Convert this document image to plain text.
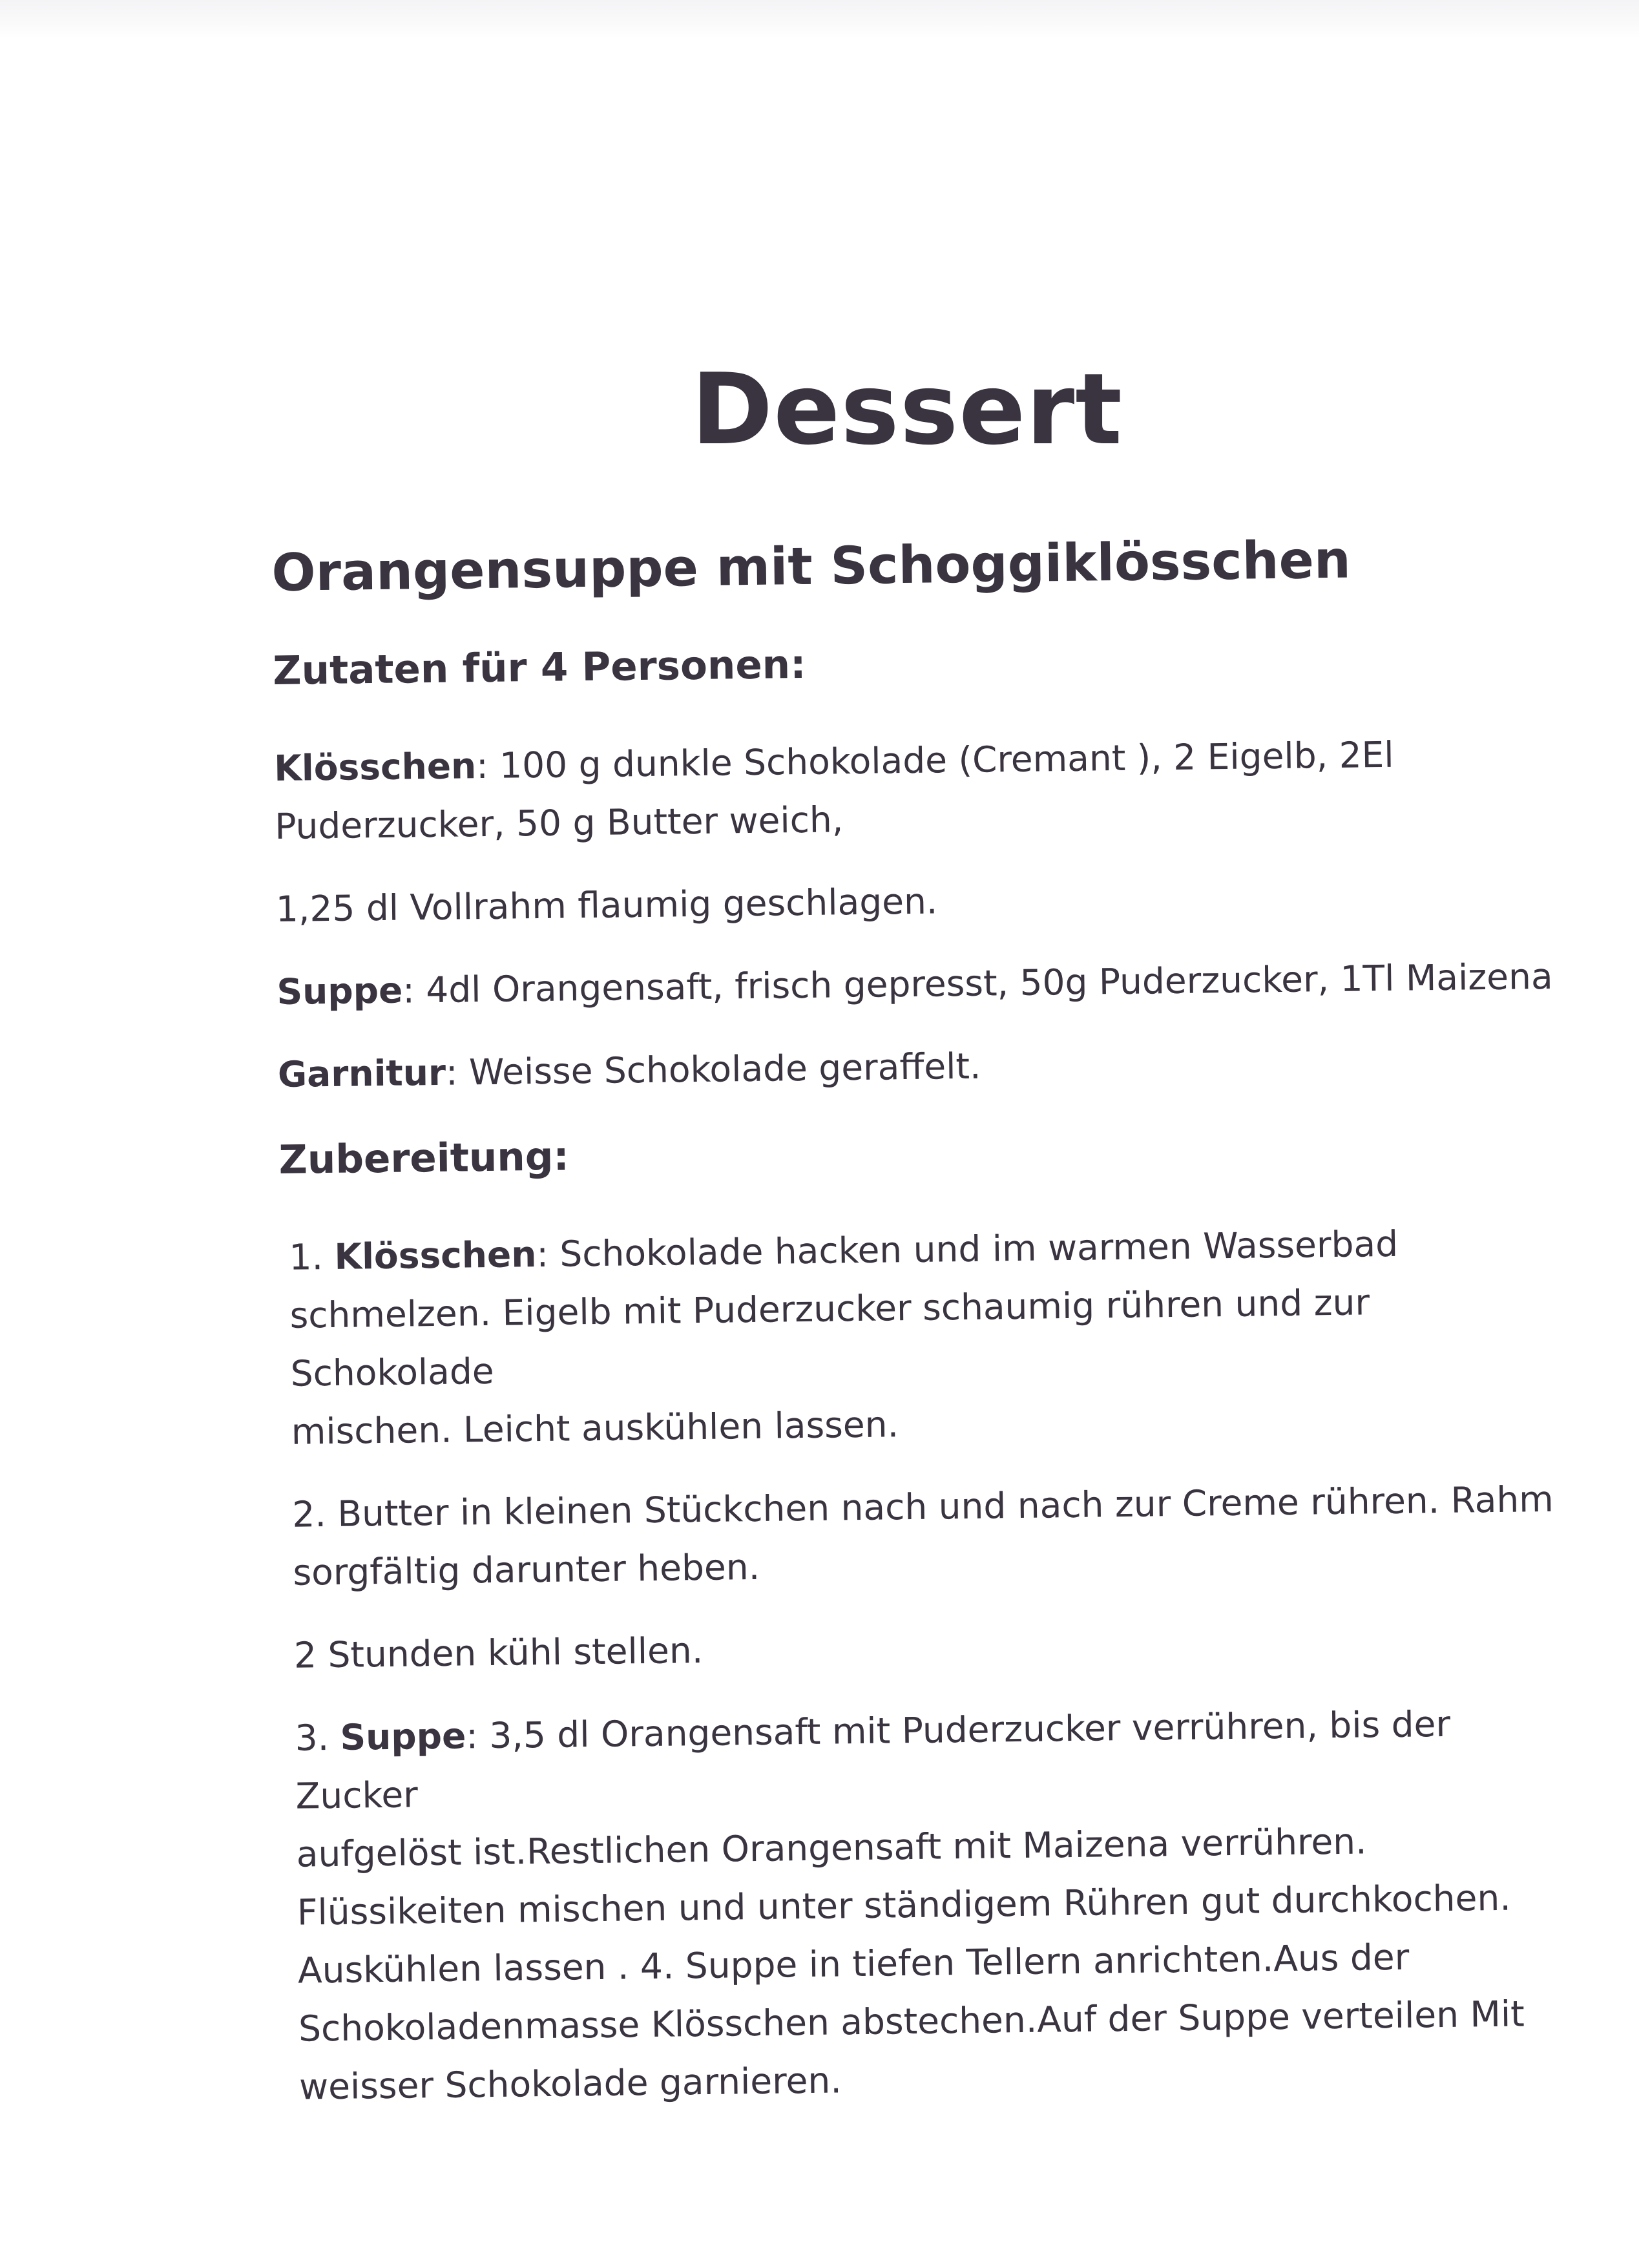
Dessert
Orangensuppe mit Schoggiklösschen
Zutaten für 4 Personen:
Klösschen: 100 g dunkle Schokolade (Cremant ), 2 Eigelb, 2El
Puderzucker, 50 g Butter weich,
1,25 dl Vollrahm flaumig geschlagen.
Suppe: 4dl Orangensaft, frisch gepresst, 50g Puderzucker, 1Tl Maizena
Garnitur: Weisse Schokolade geraffelt.
Zubereitung:
1. Klösschen: Schokolade hacken und im warmen Wasserbad
schmelzen. Eigelb mit Puderzucker schaumig rühren und zur Schokolade
mischen. Leicht auskühlen lassen.
2. Butter in kleinen Stückchen nach und nach zur Creme rühren. Rahm
sorgfältig darunter heben.
2 Stunden kühl stellen.
3. Suppe: 3,5 dl Orangensaft mit Puderzucker verrühren, bis der Zucker
aufgelöst ist.Restlichen Orangensaft mit Maizena verrühren.
Flüssikeiten mischen und unter ständigem Rühren gut durchkochen.
Auskühlen lassen . 4. Suppe in tiefen Tellern anrichten.Aus der
Schokoladenmasse Klösschen abstechen.Auf der Suppe verteilen Mit
weisser Schokolade garnieren.
